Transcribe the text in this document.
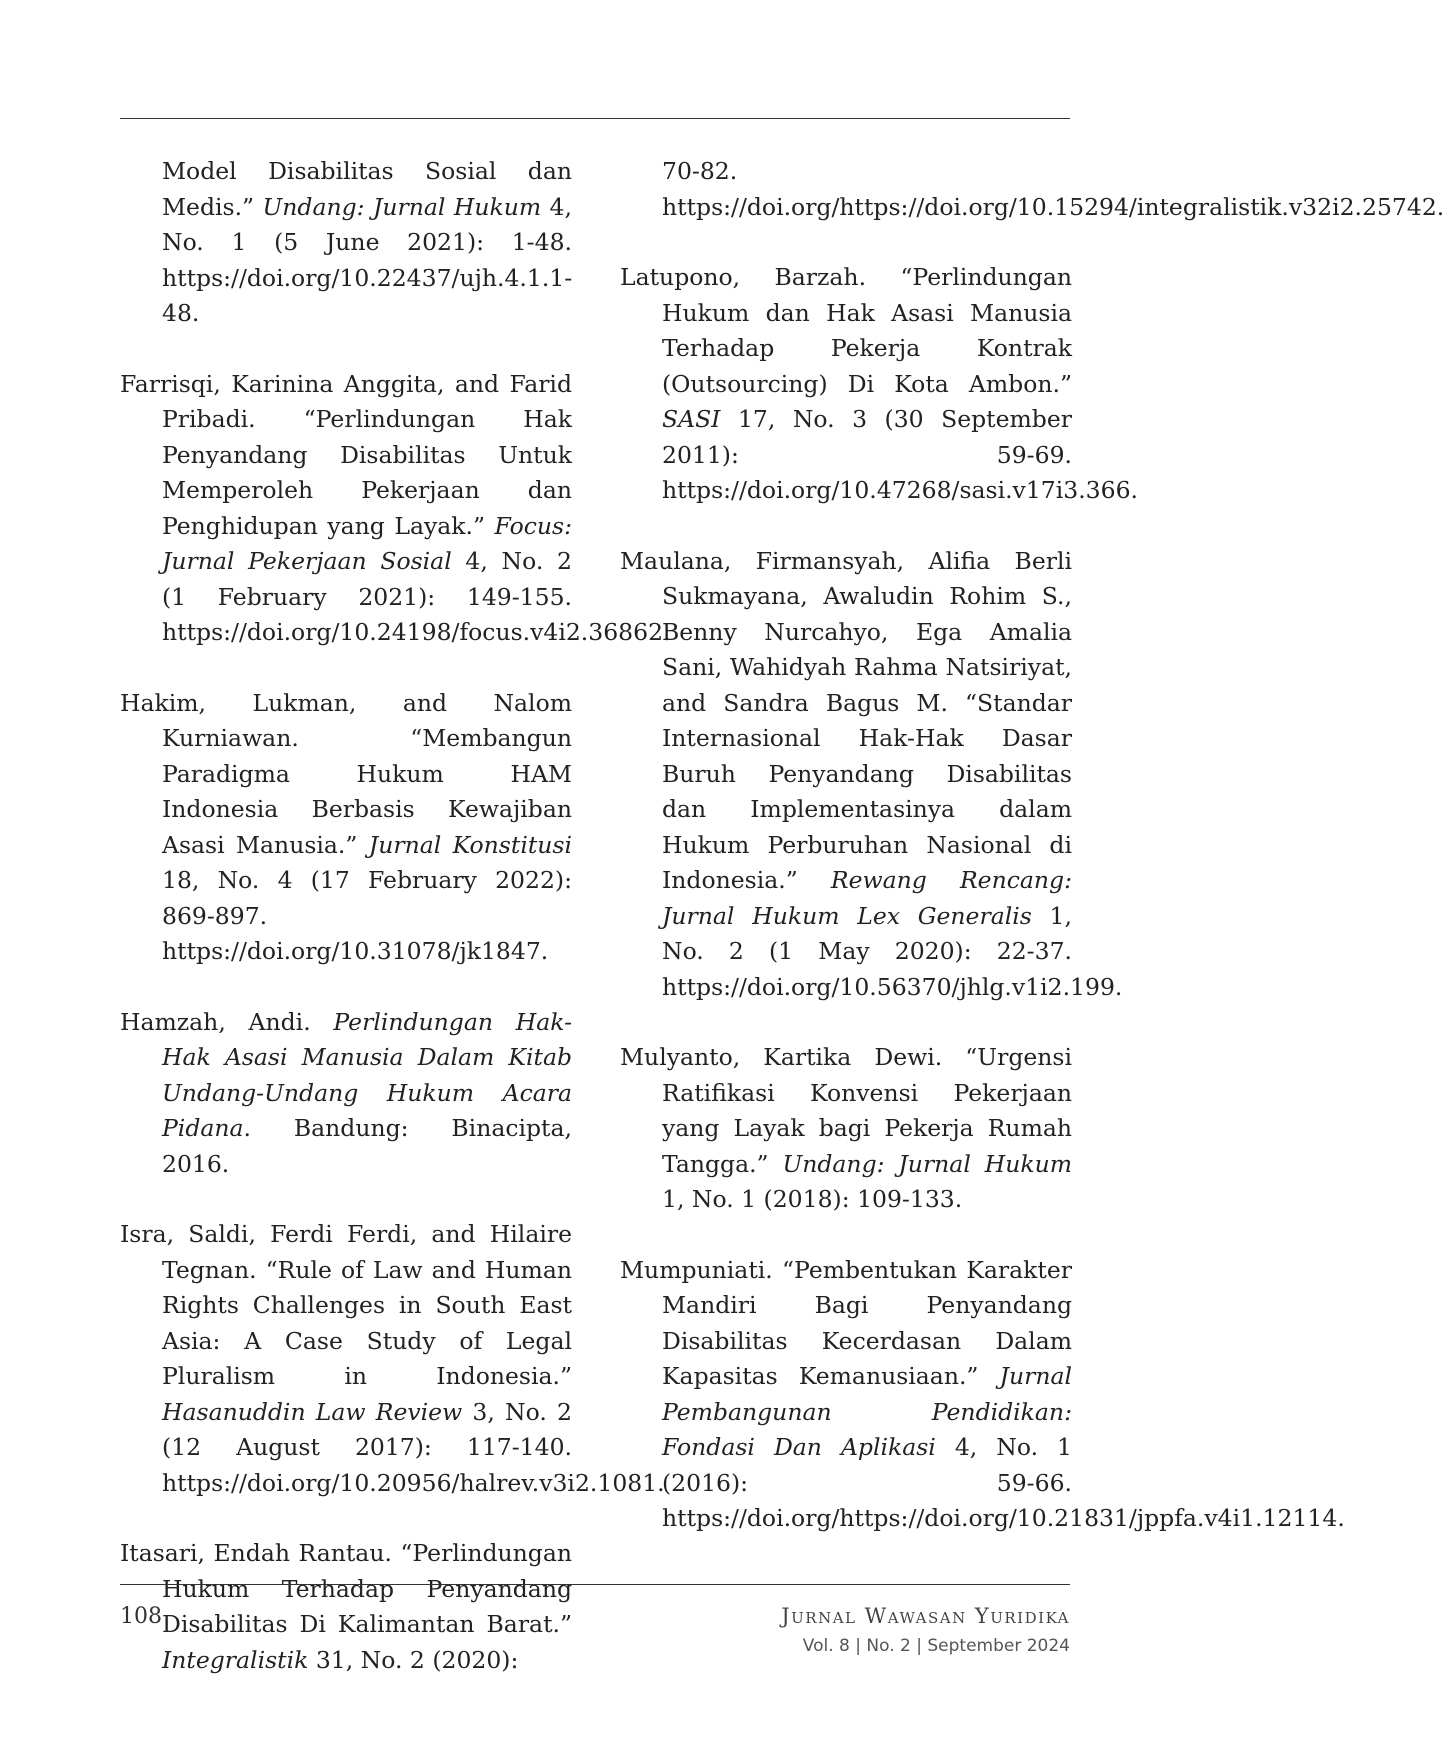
Model Disabilitas Sosial dan Medis.” Undang: Jurnal Hukum 4, No. 1 (5 June 2021): 1-48. https://doi.org/10.22437/ujh.4.1.1-48.

Farrisqi, Karinina Anggita, and Farid Pribadi. “Perlindungan Hak Penyandang Disabilitas Untuk Memperoleh Pekerjaan dan Penghidupan yang Layak.” Focus: Jurnal Pekerjaan Sosial 4, No. 2 (1 February 2021): 149-155. https://doi.org/10.24198/focus.v4i2.36862.

Hakim, Lukman, and Nalom Kurniawan. “Membangun Paradigma Hukum HAM Indonesia Berbasis Kewajiban Asasi Manusia.” Jurnal Konstitusi 18, No. 4 (17 February 2022): 869-897. https://doi.org/10.31078/jk1847.

Hamzah, Andi. Perlindungan Hak-Hak Asasi Manusia Dalam Kitab Undang-Undang Hukum Acara Pidana. Bandung: Binacipta, 2016.

Isra, Saldi, Ferdi Ferdi, and Hilaire Tegnan. “Rule of Law and Human Rights Challenges in South East Asia: A Case Study of Legal Pluralism in Indonesia.” Hasanuddin Law Review 3, No. 2 (12 August 2017): 117-140. https://doi.org/10.20956/halrev.v3i2.1081.

Itasari, Endah Rantau. “Perlindungan Hukum Terhadap Penyandang Disabilitas Di Kalimantan Barat.” Integralistik 31, No. 2 (2020):

70-82. https://doi.org/https://doi.org/10.15294/integralistik.v32i2.25742.

Latupono, Barzah. “Perlindungan Hukum dan Hak Asasi Manusia Terhadap Pekerja Kontrak (Outsourcing) Di Kota Ambon.” SASI 17, No. 3 (30 September 2011): 59-69. https://doi.org/10.47268/sasi.v17i3.366.

Maulana, Firmansyah, Alifia Berli Sukmayana, Awaludin Rohim S., Benny Nurcahyo, Ega Amalia Sani, Wahidyah Rahma Natsiriyat, and Sandra Bagus M. “Standar Internasional Hak-Hak Dasar Buruh Penyandang Disabilitas dan Implementasinya dalam Hukum Perburuhan Nasional di Indonesia.” Rewang Rencang: Jurnal Hukum Lex Generalis 1, No. 2 (1 May 2020): 22-37. https://doi.org/10.56370/jhlg.v1i2.199.

Mulyanto, Kartika Dewi. “Urgensi Ratifikasi Konvensi Pekerjaan yang Layak bagi Pekerja Rumah Tangga.” Undang: Jurnal Hukum 1, No. 1 (2018): 109-133.

Mumpuniati. “Pembentukan Karakter Mandiri Bagi Penyandang Disabilitas Kecerdasan Dalam Kapasitas Kemanusiaan.” Jurnal Pembangunan Pendidikan: Fondasi Dan Aplikasi 4, No. 1 (2016): 59-66. https://doi.org/https://doi.org/10.21831/jppfa.v4i1.12114.

108	Jurnal Wawasan Yuridika
Vol. 8 | No. 2 | September 2024
